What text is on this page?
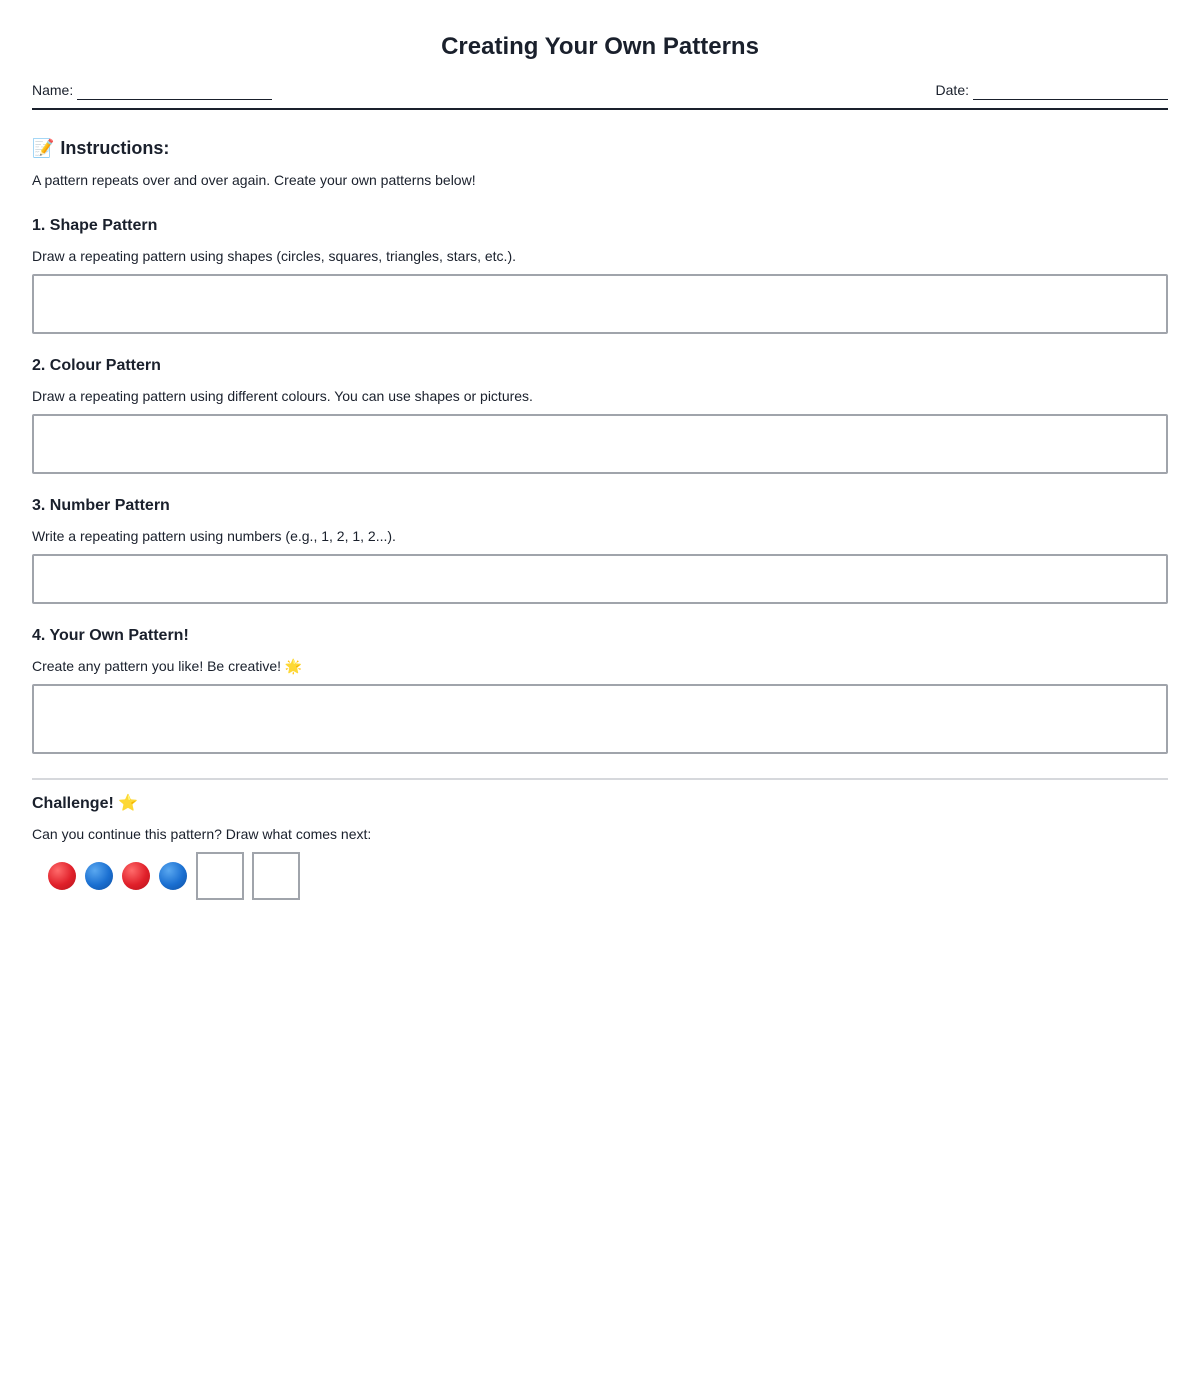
Creating Your Own Patterns
Name:	Date:
📝 Instructions:

A pattern repeats over and over again. Create your own patterns below!

1. Shape Pattern

Draw a repeating pattern using shapes (circles, squares, triangles, stars, etc.).

2. Colour Pattern

Draw a repeating pattern using different colours. You can use shapes or pictures.

3. Number Pattern

Write a repeating pattern using numbers (e.g., 1, 2, 1, 2...).

4. Your Own Pattern!

Create any pattern you like! Be creative! 🌟

Challenge! ⭐

Can you continue this pattern? Draw what comes next:
